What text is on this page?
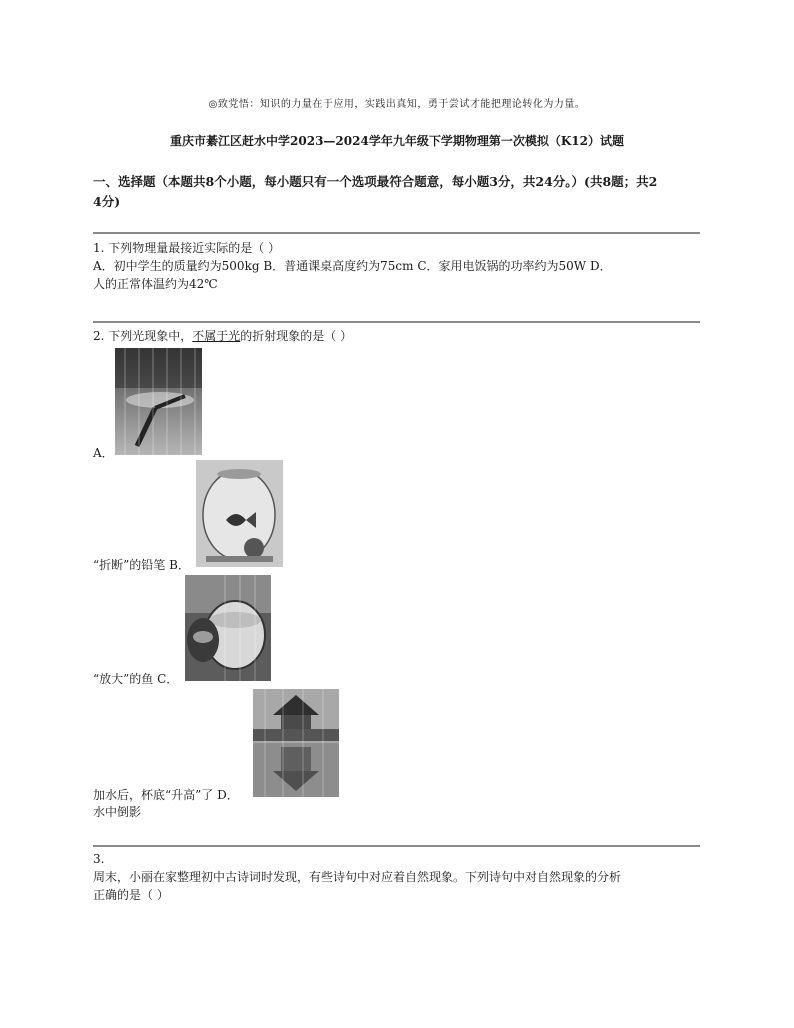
◎致党悟：知识的力量在于应用，实践出真知，勇于尝试才能把理论转化为力量。
重庆市綦江区赶水中学2023—2024学年九年级下学期物理第一次模拟（K12）试题
一、选择题（本题共8个小题，每小题只有一个选项最符合题意，每小题3分，共24分。）(共8题；共2
4分)
1. 下列物理量最接近实际的是（ ）
A．初中学生的质量约为500kg B．普通课桌高度约为75cm C．家用电饭锅的功率约为50W D．
人的正常体温约为42℃
2. 下列光现象中，不属于光的折射现象的是（ ）
A．
“折断”的铅笔 B．
“放大”的鱼 C．
加水后，杯底“升高”了 D．
水中倒影
3.
周末，小丽在家整理初中古诗词时发现，有些诗句中对应着自然现象。下列诗句中对自然现象的分析
正确的是（ ）
